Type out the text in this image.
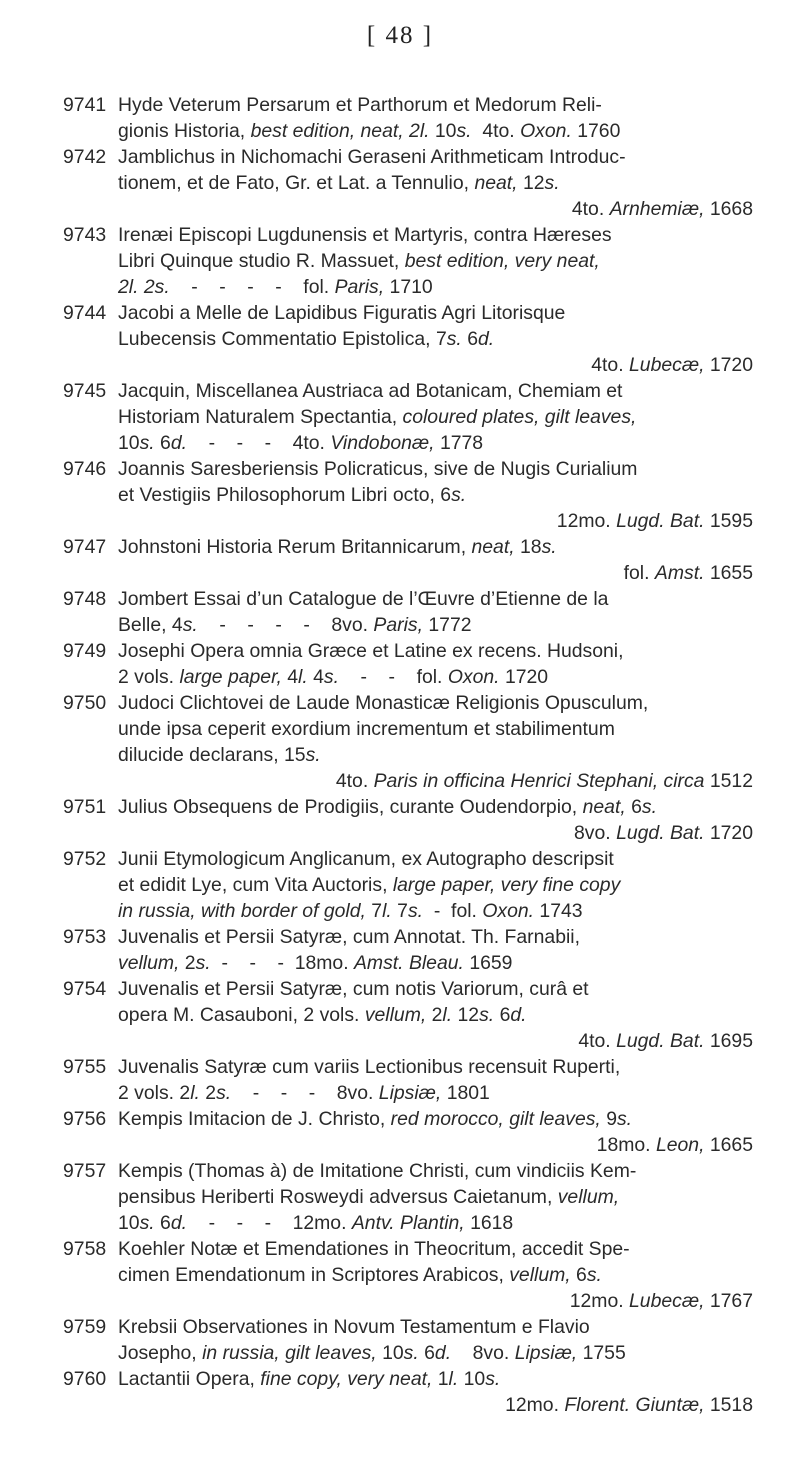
[ 48 ]
9741 Hyde Veterum Persarum et Parthorum et Medorum Reli-
gionis Historia, best edition, neat, 2l. 10s.  4to. Oxon. 1760
9742 Jamblichus in Nichomachi Geraseni Arithmeticam Introduc-
tionem, et de Fato, Gr. et Lat. a Tennulio, neat, 12s.
4to. Arnhemiæ, 1668
9743 Irenæi Episcopi Lugdunensis et Martyris, contra Hæreses
Libri Quinque studio R. Massuet, best edition, very neat,
2l. 2s.    -    -    -    -    fol. Paris, 1710
9744 Jacobi a Melle de Lapidibus Figuratis Agri Litorisque
Lubecensis Commentatio Epistolica, 7s. 6d.
4to. Lubecæ, 1720
9745 Jacquin, Miscellanea Austriaca ad Botanicam, Chemiam et
Historiam Naturalem Spectantia, coloured plates, gilt leaves,
10s. 6d.    -    -    -    4to. Vindobonæ, 1778
9746 Joannis Saresberiensis Policraticus, sive de Nugis Curialium
et Vestigiis Philosophorum Libri octo, 6s.
12mo. Lugd. Bat. 1595
9747 Johnstoni Historia Rerum Britannicarum, neat, 18s.
fol. Amst. 1655
9748 Jombert Essai d’un Catalogue de l’Œuvre d’Etienne de la
Belle, 4s.    -    -    -    -    8vo. Paris, 1772
9749 Josephi Opera omnia Græce et Latine ex recens. Hudsoni,
2 vols. large paper, 4l. 4s.    -    -    fol. Oxon. 1720
9750 Judoci Clichtovei de Laude Monasticæ Religionis Opusculum,
unde ipsa ceperit exordium incrementum et stabilimentum
dilucide declarans, 15s.
4to. Paris in officina Henrici Stephani, circa 1512
9751 Julius Obsequens de Prodigiis, curante Oudendorpio, neat, 6s.
8vo. Lugd. Bat. 1720
9752 Junii Etymologicum Anglicanum, ex Autographo descripsit
et edidit Lye, cum Vita Auctoris, large paper, very fine copy
in russia, with border of gold, 7l. 7s.  -  fol. Oxon. 1743
9753 Juvenalis et Persii Satyræ, cum Annotat. Th. Farnabii,
vellum, 2s.  -    -    -  18mo. Amst. Bleau. 1659
9754 Juvenalis et Persii Satyræ, cum notis Variorum, curâ et
opera M. Casauboni, 2 vols. vellum, 2l. 12s. 6d.
4to. Lugd. Bat. 1695
9755 Juvenalis Satyræ cum variis Lectionibus recensuit Ruperti,
2 vols. 2l. 2s.    -    -    -    8vo. Lipsiæ, 1801
9756 Kempis Imitacion de J. Christo, red morocco, gilt leaves, 9s.
18mo. Leon, 1665
9757 Kempis (Thomas à) de Imitatione Christi, cum vindiciis Kem-
pensibus Heriberti Rosweydi adversus Caietanum, vellum,
10s. 6d.    -    -    -    12mo. Antv. Plantin, 1618
9758 Koehler Notæ et Emendationes in Theocritum, accedit Spe-
cimen Emendationum in Scriptores Arabicos, vellum, 6s.
12mo. Lubecæ, 1767
9759 Krebsii Observationes in Novum Testamentum e Flavio
Josepho, in russia, gilt leaves, 10s. 6d.    8vo. Lipsiæ, 1755
9760 Lactantii Opera, fine copy, very neat, 1l. 10s.
12mo. Florent. Giuntæ, 1518
